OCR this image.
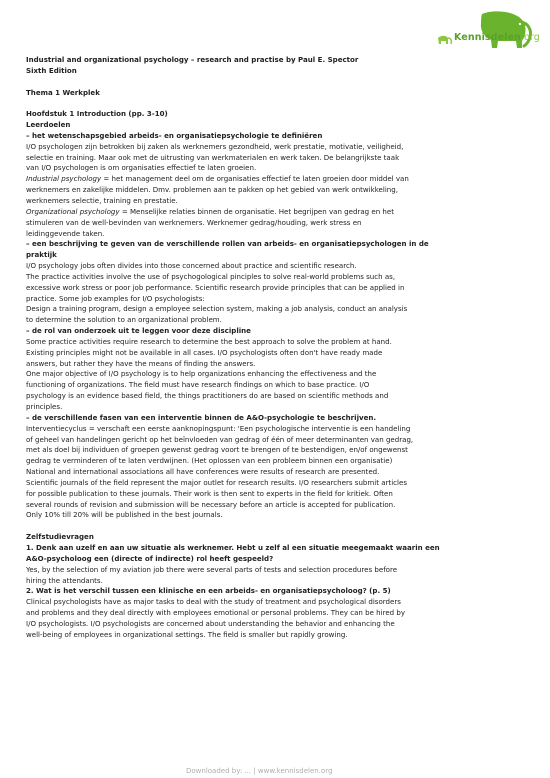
Kennisdelen.org
Industrial and organizational psychology – research and practise by Paul E. Spector
Sixth Edition
Thema 1 Werkplek
Hoofdstuk 1 Introduction (pp. 3-10)
Leerdoelen
– het wetenschapsgebied arbeids- en organisatiepsychologie te definiëren
I/O psychologen zijn betrokken bij zaken als werknemers gezondheid, werk prestatie, motivatie, veiligheid,
selectie en training. Maar ook met de uitrusting van werkmaterialen en werk taken. De belangrijkste taak
van I/O psychologen is om organisaties effectief te laten groeien.
Industrial psychology = het management deel om de organisaties effectief te laten groeien door middel van
werknemers en zakelijke middelen. Dmv. problemen aan te pakken op het gebied van werk ontwikkeling,
werknemers selectie, training en prestatie.
Organizational psychology = Menselijke relaties binnen de organisatie. Het begrijpen van gedrag en het
stimuleren van de well-bevinden van werknemers. Werknemer gedrag/houding, werk stress en
leidinggevende taken.
– een beschrijving te geven van de verschillende rollen van arbeids- en organisatiepsychologen in de
praktijk
I/O psychology jobs often divides into those concerned about practice and scientific research.
The practice activities involve the use of psychogological pinciples to solve real-world problems such as,
excessive work stress or poor job performance. Scientific research provide principles that can be applied in
practice. Some job examples for I/O psychologists:
Design a training program, design a employee selection system, making a job analysis, conduct an analysis
to determine the solution to an organizational problem.
– de rol van onderzoek uit te leggen voor deze discipline
Some practice activities require research to determine the best approach to solve the problem at hand.
Existing principles might not be available in all cases. I/O psychologists often don't have ready made
answers, but rather they have the means of finding the answers.
One major objective of I/O psychology is to help organizations enhancing the effectiveness and the
functioning of organizations. The field must have research findings on which to base practice. I/O
psychology is an evidence based field, the things practitioners do are based on scientific methods and
principles.
– de verschillende fasen van een interventie binnen de A&O-psychologie te beschrijven.
Interventiecyclus = verschaft een eerste aanknopingspunt: 'Een psychologische interventie is een handeling
of geheel van handelingen gericht op het beïnvloeden van gedrag of één of meer determinanten van gedrag,
met als doel bij individuen of groepen gewenst gedrag voort te brengen of te bestendigen, en/of ongewenst
gedrag te verminderen of te laten verdwijnen. (Het oplossen van een probleem binnen een organisatie)
National and international associations all have conferences were results of research are presented.
Scientific journals of the field represent the major outlet for research results. I/O researchers submit articles
for possible publication to these journals. Their work is then sent to experts in the field for kritiek. Often
several rounds of revision and submission will be necessary before an article is accepted for publication.
Only 10% till 20% will be published in the best journals.
Zelfstudievragen
1. Denk aan uzelf en aan uw situatie als werknemer. Hebt u zelf al een situatie meegemaakt waarin een
A&O-psycholoog een (directe of indirecte) rol heeft gespeeld?
Yes, by the selection of my aviation job there were several parts of tests and selection procedures before
hiring the attendants.
2. Wat is het verschil tussen een klinische en een arbeids- en organisatiepsycholoog? (p. 5)
Clinical psychologists have as major tasks to deal with the study of treatment and psychological disorders
and problems and they deal directly with employees emotional or personal problems. They can be hired by
I/O psychologists. I/O psychologists are concerned about understanding the behavior and enhancing the
well-being of employees in organizational settings. The field is smaller but rapidly growing.
Downloaded by: ... | www.kennisdelen.org
